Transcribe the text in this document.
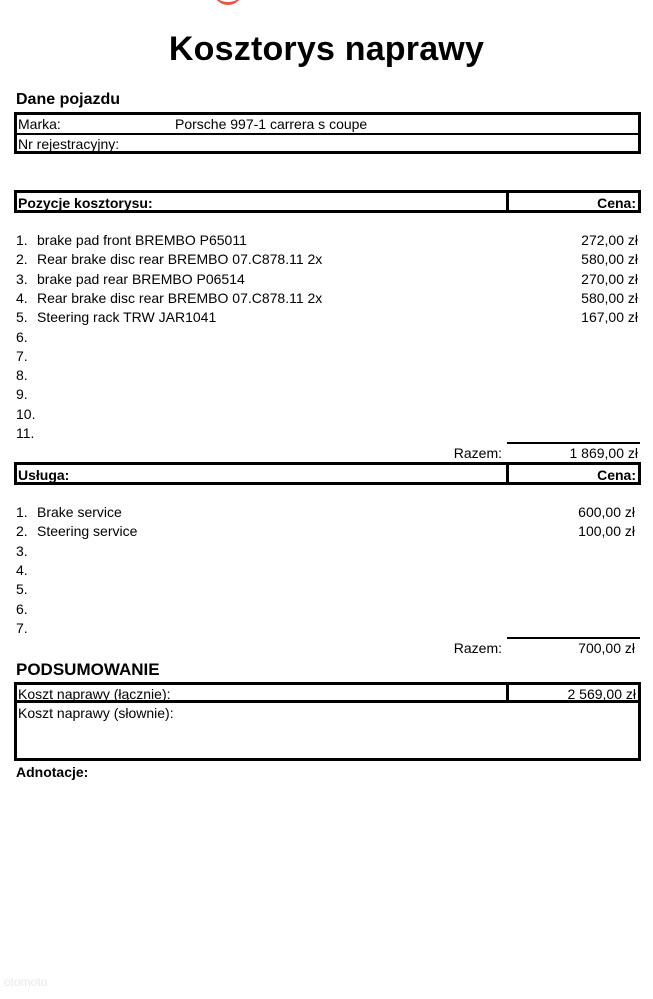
Kosztorys naprawy
Dane pojazdu
Marka:	Porsche 997-1 carrera s coupe
Nr rejestracyjny:
Pozycje kosztorysu:	Cena:
1. brake pad front BREMBO P65011	272,00 zł
2. Rear brake disc rear BREMBO 07.C878.11 2x	580,00 zł
3. brake pad rear BREMBO P06514	270,00 zł
4. Rear brake disc rear BREMBO 07.C878.11 2x	580,00 zł
5. Steering rack TRW JAR1041	167,00 zł
6.
7.
8.
9.
10.
11.
Razem:	1 869,00 zł
Usługa:	Cena:
1. Brake service	600,00 zł
2. Steering service	100,00 zł
3.
4.
5.
6.
7.
Razem:	700,00 zł
PODSUMOWANIE
Koszt naprawy (łącznie):	2 569,00 zł
Koszt naprawy (słownie):
Adnotacje:
otomoto
